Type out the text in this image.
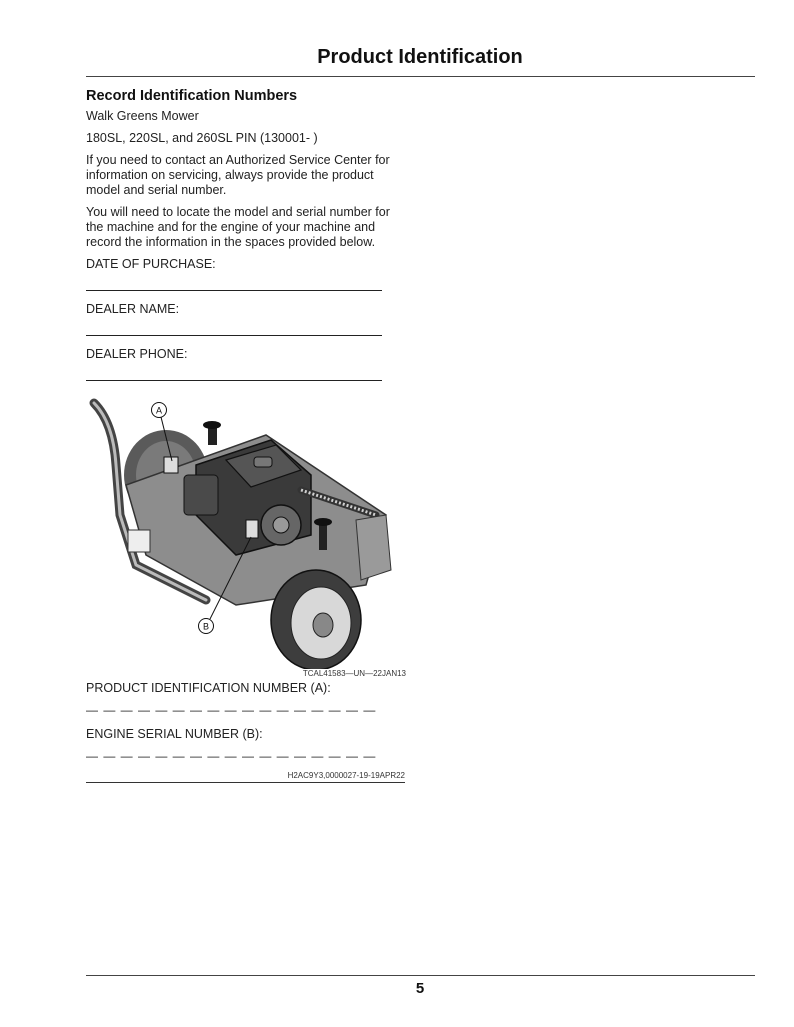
Product Identification
Record Identification Numbers

Walk Greens Mower

180SL, 220SL, and 260SL PIN (130001- )

If you need to contact an Authorized Service Center for information on servicing, always provide the product model and serial number.

You will need to locate the model and serial number for the machine and for the engine of your machine and record the information in the spaces provided below.

DATE OF PURCHASE:

DEALER NAME:

DEALER PHONE:

A
B
TCAL41583—UN—22JAN13
PRODUCT IDENTIFICATION NUMBER (A):
— — — — — — — — — — — — — — — — —
ENGINE SERIAL NUMBER (B):
— — — — — — — — — — — — — — — — —
H2AC9Y3,0000027-19-19APR22
5
